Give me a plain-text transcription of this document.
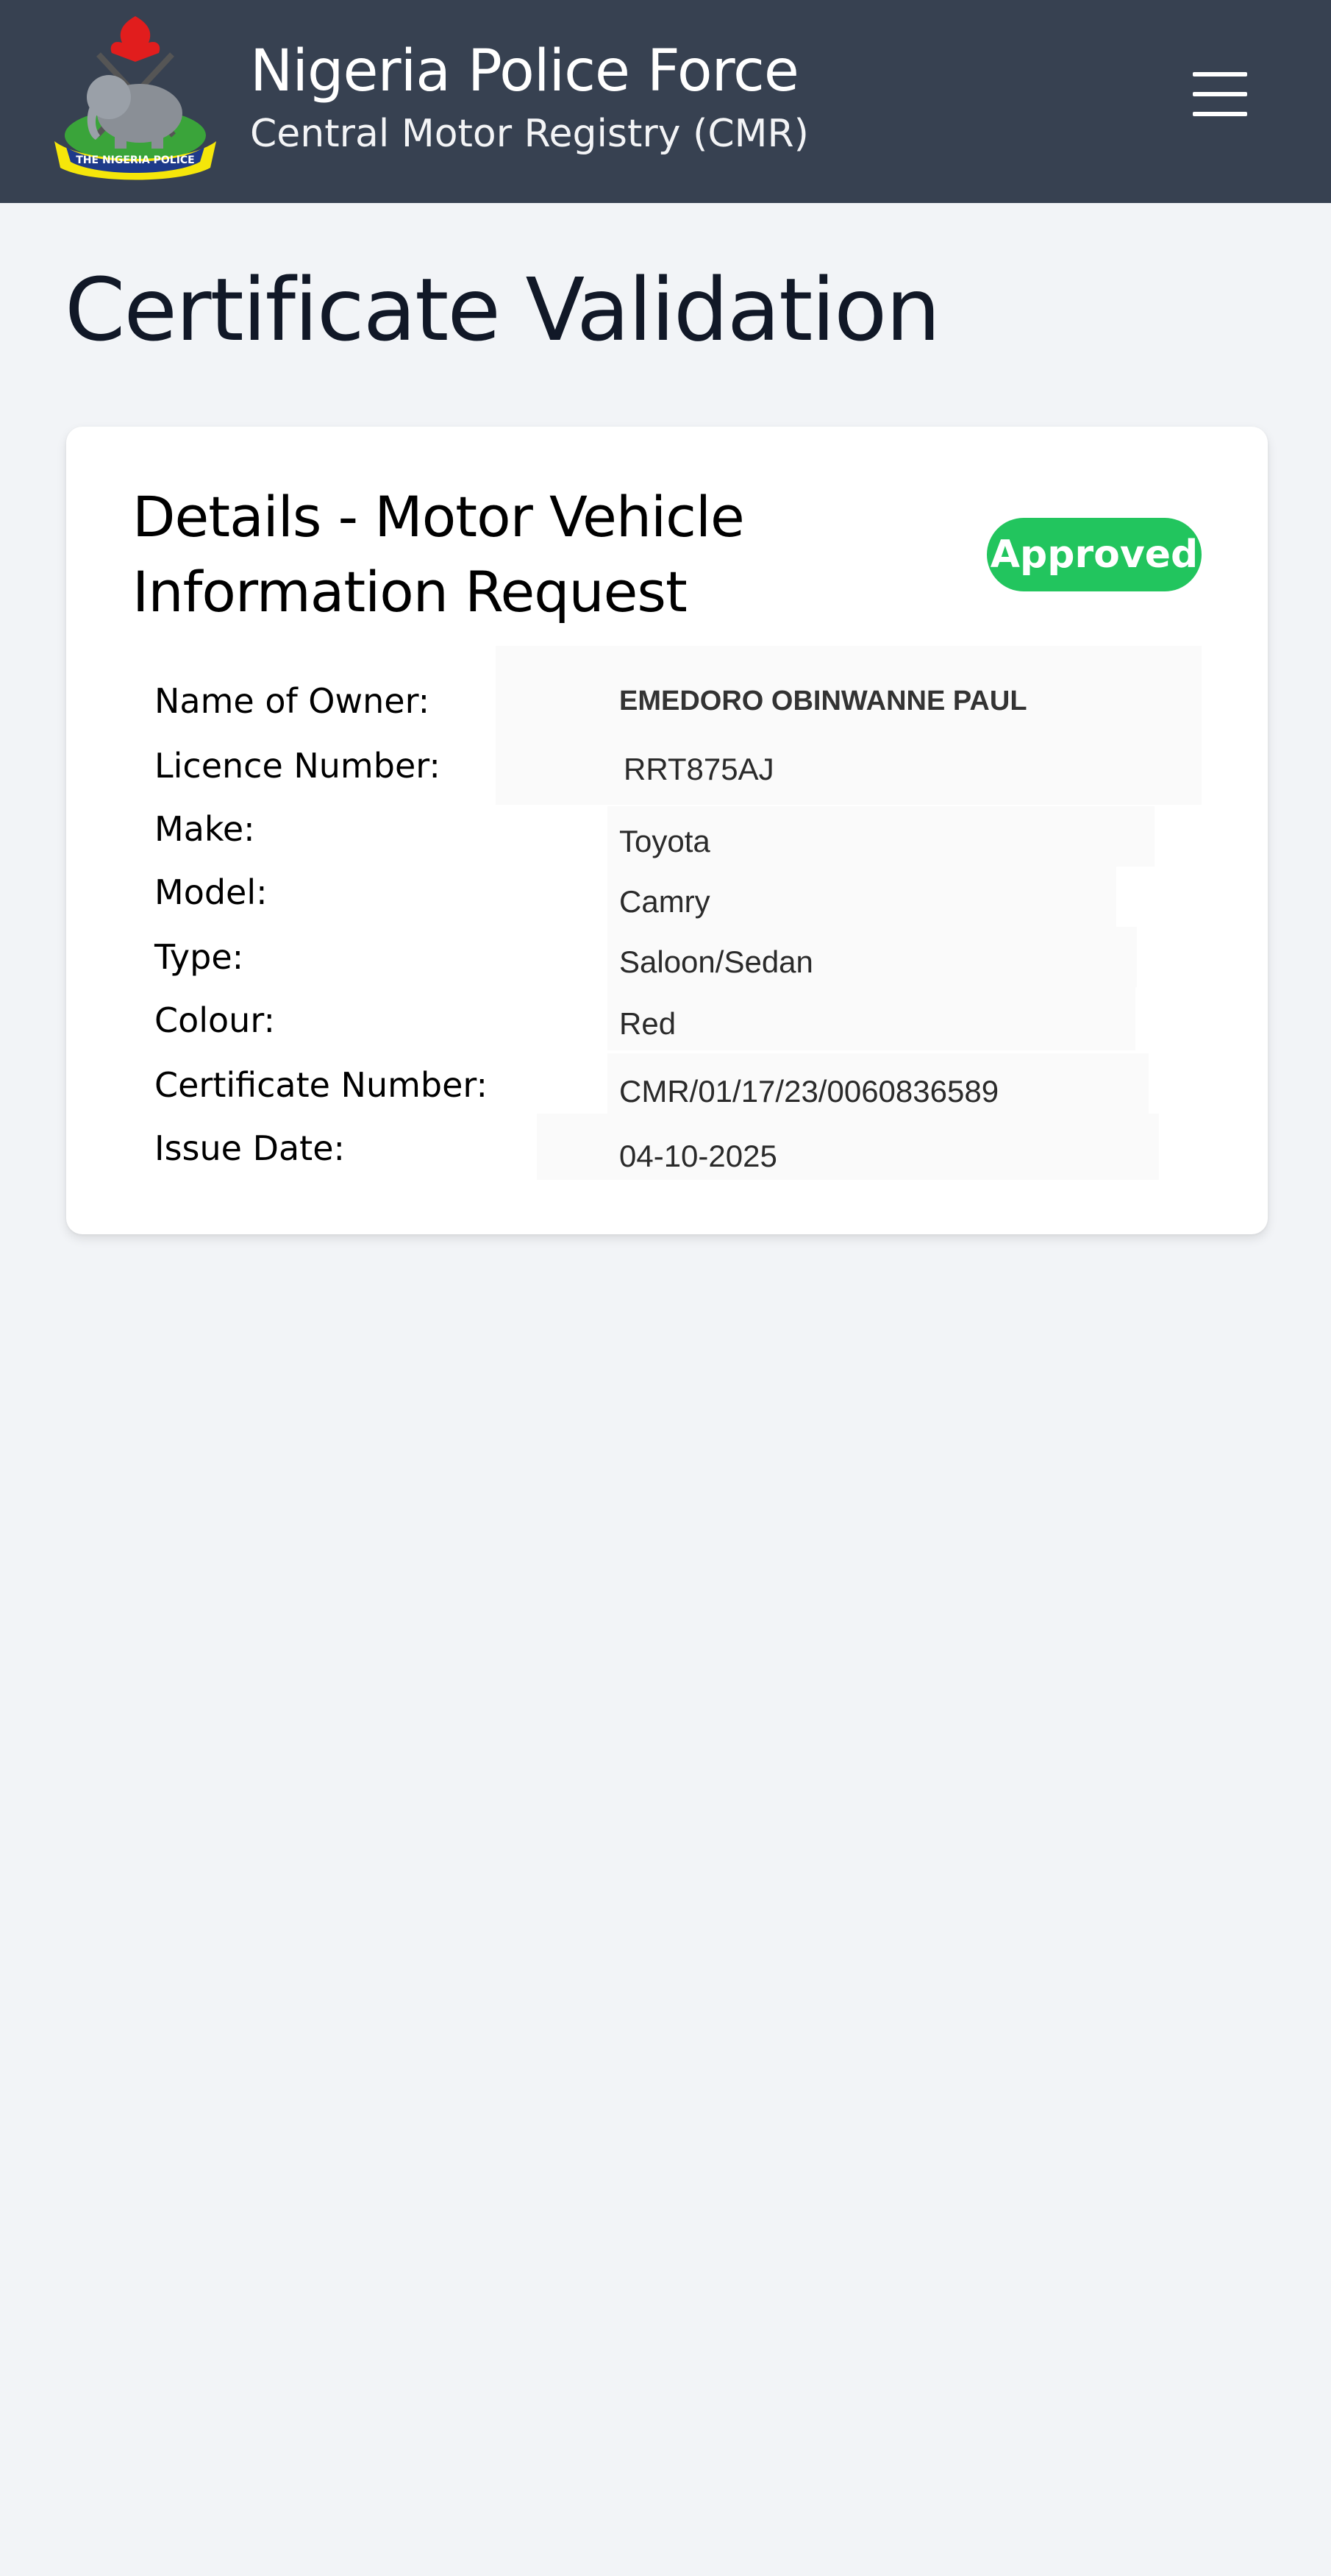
THE NIGERIA POLICE
Nigeria Police Force
Central Motor Registry (CMR)
Certificate Validation
Details - Motor Vehicle Information Request
Approved
Name of Owner:	EMEDORO OBINWANNE PAUL
Licence Number:	RRT875AJ
Make:	Toyota
Model:	Camry
Type:	Saloon/Sedan
Colour:	Red
Certificate Number:	CMR/01/17/23/0060836589
Issue Date:	04-10-2025
